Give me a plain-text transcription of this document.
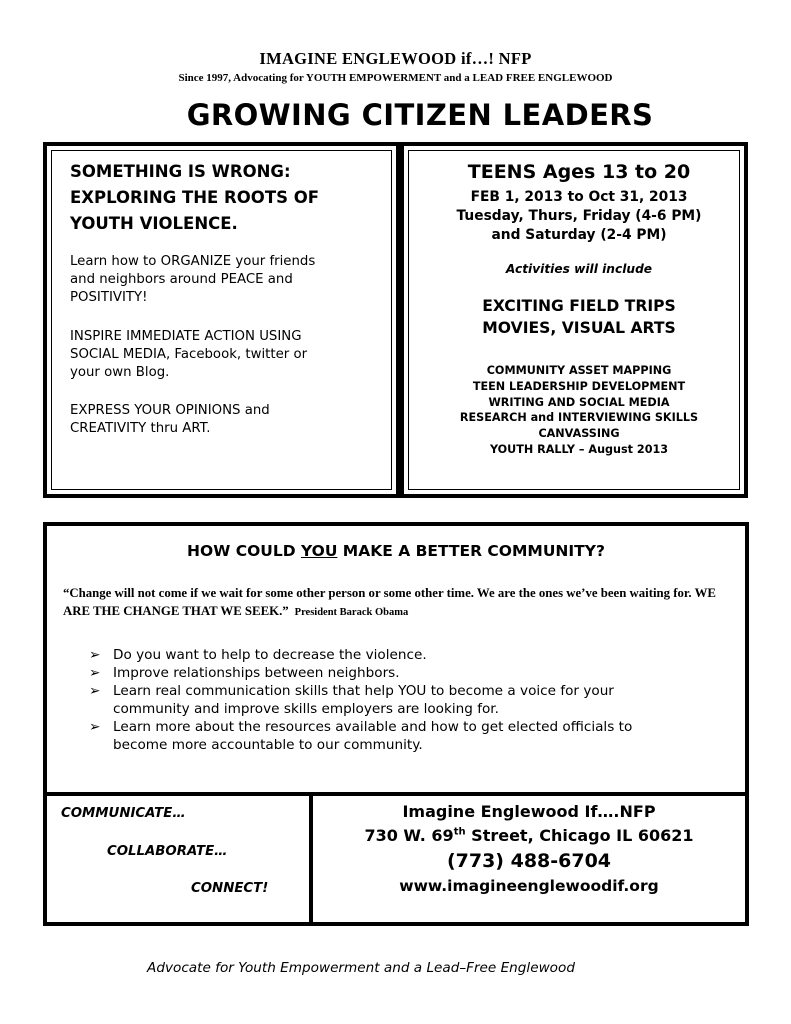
IMAGINE ENGLEWOOD if…! NFP
Since 1997, Advocating for YOUTH EMPOWERMENT and a LEAD FREE ENGLEWOOD
GROWING CITIZEN LEADERS
SOMETHING IS WRONG:
EXPLORING THE ROOTS OF
YOUTH VIOLENCE.
Learn how to ORGANIZE your friends
and neighbors around PEACE and
POSITIVITY!
INSPIRE IMMEDIATE ACTION USING
SOCIAL MEDIA, Facebook, twitter or
your own Blog.
EXPRESS YOUR OPINIONS and
CREATIVITY thru ART.
TEENS Ages 13 to 20
FEB 1, 2013 to Oct 31, 2013
Tuesday, Thurs, Friday (4-6 PM)
and Saturday (2-4 PM)
Activities will include
EXCITING FIELD TRIPS
MOVIES, VISUAL ARTS
COMMUNITY ASSET MAPPING
TEEN LEADERSHIP DEVELOPMENT
WRITING AND SOCIAL MEDIA
RESEARCH and INTERVIEWING SKILLS
CANVASSING
YOUTH RALLY – August 2013
HOW COULD YOU MAKE A BETTER COMMUNITY?
“Change will not come if we wait for some other person or some other time. We are the ones we’ve been waiting for. WE ARE THE CHANGE THAT WE SEEK.” President Barack Obama
➢ Do you want to help to decrease the violence.
➢ Improve relationships between neighbors.
➢ Learn real communication skills that help YOU to become a voice for your
community and improve skills employers are looking for.
➢ Learn more about the resources available and how to get elected officials to
become more accountable to our community.
COMMUNICATE…
COLLABORATE…
CONNECT!
Imagine Englewood If….NFP
730 W. 69th Street, Chicago IL 60621
(773) 488-6704
www.imagineenglewoodif.org
Advocate for Youth Empowerment and a Lead–Free Englewood
